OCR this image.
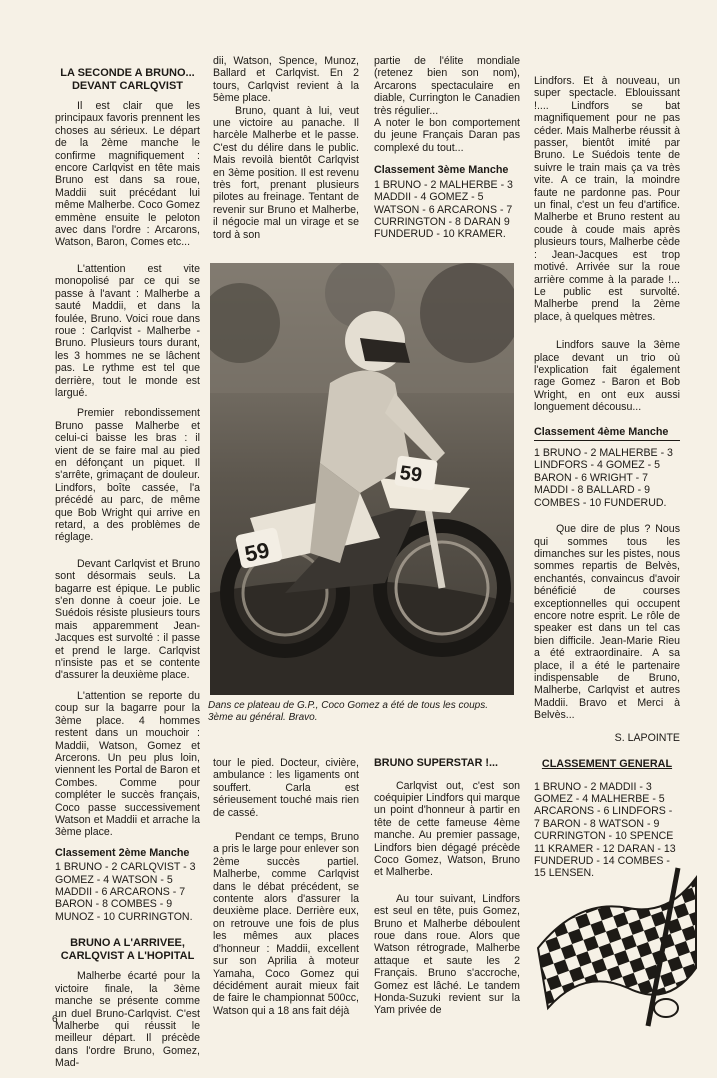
LA SECONDE A BRUNO...
DEVANT CARLQVIST

Il est clair que les principaux favoris prennent les choses au sérieux. Le départ de la 2ème manche le confirme magnifiquement : encore Carlqvist en tête mais Bruno est dans sa roue, Maddii suit précédant lui même Malherbe. Coco Gomez emmène ensuite le peloton avec dans l'ordre : Arcarons, Watson, Baron, Comes etc...

L'attention est vite monopolisé par ce qui se passe à l'avant : Malherbe a sauté Maddii, et dans la foulée, Bruno. Voici roue dans roue : Carlqvist - Malherbe - Bruno. Plusieurs tours durant, les 3 hommes ne se lâchent pas. Le rythme est tel que derrière, tout le monde est largué.

Premier rebondissement Bruno passe Malherbe et celui-ci baisse les bras : il vient de se faire mal au pied en défonçant un piquet. Il s'arrête, grimaçant de douleur. Lindfors, boîte cassée, l'a précédé au parc, de même que Bob Wright qui arrive en retard, a des problèmes de réglage.

Devant Carlqvist et Bruno sont désormais seuls. La bagarre est épique. Le public s'en donne à coeur joie. Le Suédois résiste plusieurs tours mais apparemment Jean-Jacques est survolté : il passe et prend le large. Carlqvist n'insiste pas et se contente d'assurer la deuxième place.

L'attention se reporte du coup sur la bagarre pour la 3ème place. 4 hommes restent dans un mouchoir : Maddii, Watson, Gomez et Arcerons. Un peu plus loin, viennent les Portal de Baron et Combes. Comme pour compléter le succès français, Coco passe successivement Watson et Maddii et arrache la 3ème place.

Classement 2ème Manche
1 BRUNO - 2 CARLQVIST - 3 GOMEZ - 4 WATSON - 5 MADDII - 6 ARCARONS - 7 BARON - 8 COMBES - 9 MUNOZ - 10 CURRINGTON.
BRUNO A L'ARRIVEE,
CARLQVIST A L'HOPITAL

Malherbe écarté pour la victoire finale, la 3ème manche se présente comme un duel Bruno-Carlqvist. C'est Malherbe qui réussit le meilleur départ. Il précède dans l'ordre Bruno, Gomez, Mad-

dii, Watson, Spence, Munoz, Ballard et Carlqvist. En 2 tours, Carlqvist revient à la 5ème place.

Bruno, quant à lui, veut une victoire au panache. Il harcèle Malherbe et le passe. C'est du délire dans le public. Mais revoilà bientôt Carlqvist en 3ème position. Il est revenu très fort, prenant plusieurs pilotes au freinage. Tentant de revenir sur Bruno et Malherbe, il négocie mal un virage et se tord à son

partie de l'élite mondiale (retenez bien son nom), Arcarons spectaculaire en diable, Currington le Canadien très régulier...

A noter le bon comportement du jeune Français Daran pas complexé du tout...

Classement 3ème Manche
1 BRUNO - 2 MALHERBE - 3 MADDII - 4 GOMEZ - 5 WATSON - 6 ARCARONS - 7 CURRINGTON - 8 DARAN 9 FUNDERUD - 10 KRAMER.
59
59
Dans ce plateau de G.P., Coco Gomez a été de tous les coups. 3ème au général. Bravo.

tour le pied. Docteur, civière, ambulance : les ligaments ont souffert. Carla est sérieusement touché mais rien de cassé.

Pendant ce temps, Bruno a pris le large pour enlever son 2ème succès partiel. Malherbe, comme Carlqvist dans le débat précédent, se contente alors d'assurer la deuxième place. Derrière eux, on retrouve une fois de plus les mêmes aux places d'honneur : Maddii, excellent sur son Aprilia à moteur Yamaha, Coco Gomez qui décidément aurait mieux fait de faire le championnat 500cc, Watson qui a 18 ans fait déjà

BRUNO SUPERSTAR !...

Carlqvist out, c'est son coéquipier Lindfors qui marque un point d'honneur à partir en tête de cette fameuse 4ème manche. Au premier passage, Lindfors bien dégagé précède Coco Gomez, Watson, Bruno et Malherbe.

Au tour suivant, Lindfors est seul en tête, puis Gomez, Bruno et Malherbe déboulent roue dans roue. Alors que Watson rétrograde, Malherbe attaque et saute les 2 Français. Bruno s'accroche, Gomez est lâché. Le tandem Honda-Suzuki revient sur la Yam privée de

Lindfors. Et à nouveau, un super spectacle. Eblouissant !.... Lindfors se bat magnifiquement pour ne pas céder. Mais Malherbe réussit à passer, bientôt imité par Bruno. Le Suédois tente de suivre le train mais ça va très vite. A ce train, la moindre faute ne pardonne pas. Pour un final, c'est un feu d'artifice. Malherbe et Bruno restent au coude à coude mais après plusieurs tours, Malherbe cède : Jean-Jacques est trop motivé. Arrivée sur la roue arrière comme à la parade !... Le public est survolté. Malherbe prend la 2ème place, à quelques mètres.

Lindfors sauve la 3ème place devant un trio où l'explication fait également rage Gomez - Baron et Bob Wright, en ont eux aussi longuement décousu...

Classement 4ème Manche
1 BRUNO - 2 MALHERBE - 3 LINDFORS - 4 GOMEZ - 5 BARON - 6 WRIGHT - 7 MADDI - 8 BALLARD - 9 COMBES - 10 FUNDERUD.

Que dire de plus ? Nous qui sommes tous les dimanches sur les pistes, nous sommes repartis de Belvès, enchantés, convaincus d'avoir bénéficié de courses exceptionnelles qui occupent encore notre esprit. Le rôle de speaker est dans un tel cas bien difficile. Jean-Marie Rieu a été extraordinaire. A sa place, il a été le partenaire indispensable de Bruno, Malherbe, Carlqvist et autres Maddii. Bravo et Merci à Belvès...

S. LAPOINTE

CLASSEMENT GENERAL
1 BRUNO - 2 MADDII - 3 GOMEZ - 4 MALHERBE - 5 ARCARONS - 6 LINDFORS - 7 BARON - 8 WATSON - 9 CURRINGTON - 10 SPENCE 11 KRAMER - 12 DARAN - 13 FUNDERUD - 14 COMBES - 15 LENSEN.
6
